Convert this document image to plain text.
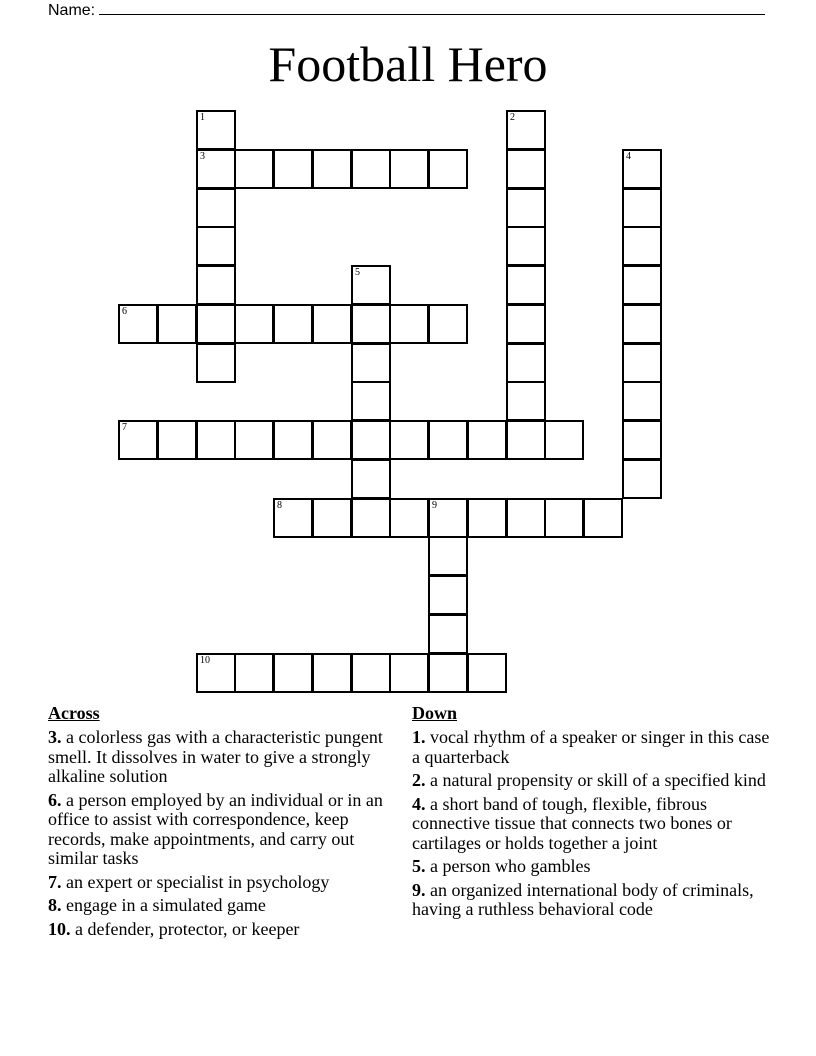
Name:
Football Hero
1
3
2
4
5
6
7
8	9
10
Across
3. a colorless gas with a characteristic pungent smell. It dissolves in water to give a strongly alkaline solution
6. a person employed by an individual or in an office to assist with correspondence, keep records, make appointments, and carry out similar tasks
7. an expert or specialist in psychology
8. engage in a simulated game
10. a defender, protector, or keeper
Down
1. vocal rhythm of a speaker or singer in this case a quarterback
2. a natural propensity or skill of a specified kind
4. a short band of tough, flexible, fibrous connective tissue that connects two bones or cartilages or holds together a joint
5. a person who gambles
9. an organized international body of criminals, having a ruthless behavioral code
